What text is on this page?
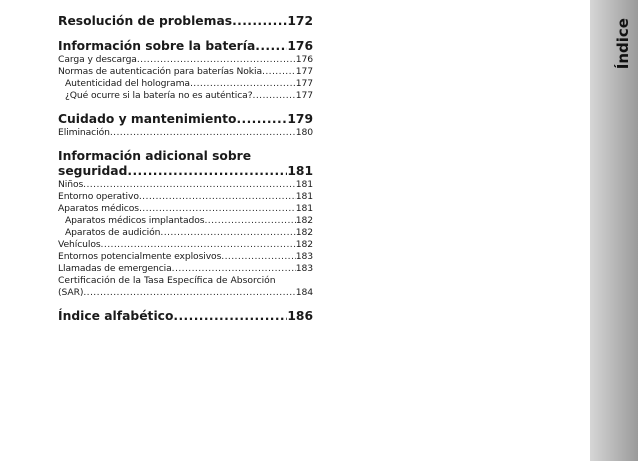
Resolución de problemas .....	172
Información sobre la batería .....	176
Carga y descarga .....	176
Normas de autenticación para baterías Nokia .....	177
Autenticidad del holograma .....	177
¿Qué ocurre si la batería no es auténtica? .....	177
Cuidado y mantenimiento .....	179
Eliminación .....	180
Información adicional sobre
seguridad .....	181
Niños .....	181
Entorno operativo .....	181
Aparatos médicos .....	181
Aparatos médicos implantados .....	182
Aparatos de audición .....	182
Vehículos .....	182
Entornos potencialmente explosivos .....	183
Llamadas de emergencia .....	183
Certificación de la Tasa Específica de Absorción
(SAR) .....	184
Índice alfabético .....	186
Índice
